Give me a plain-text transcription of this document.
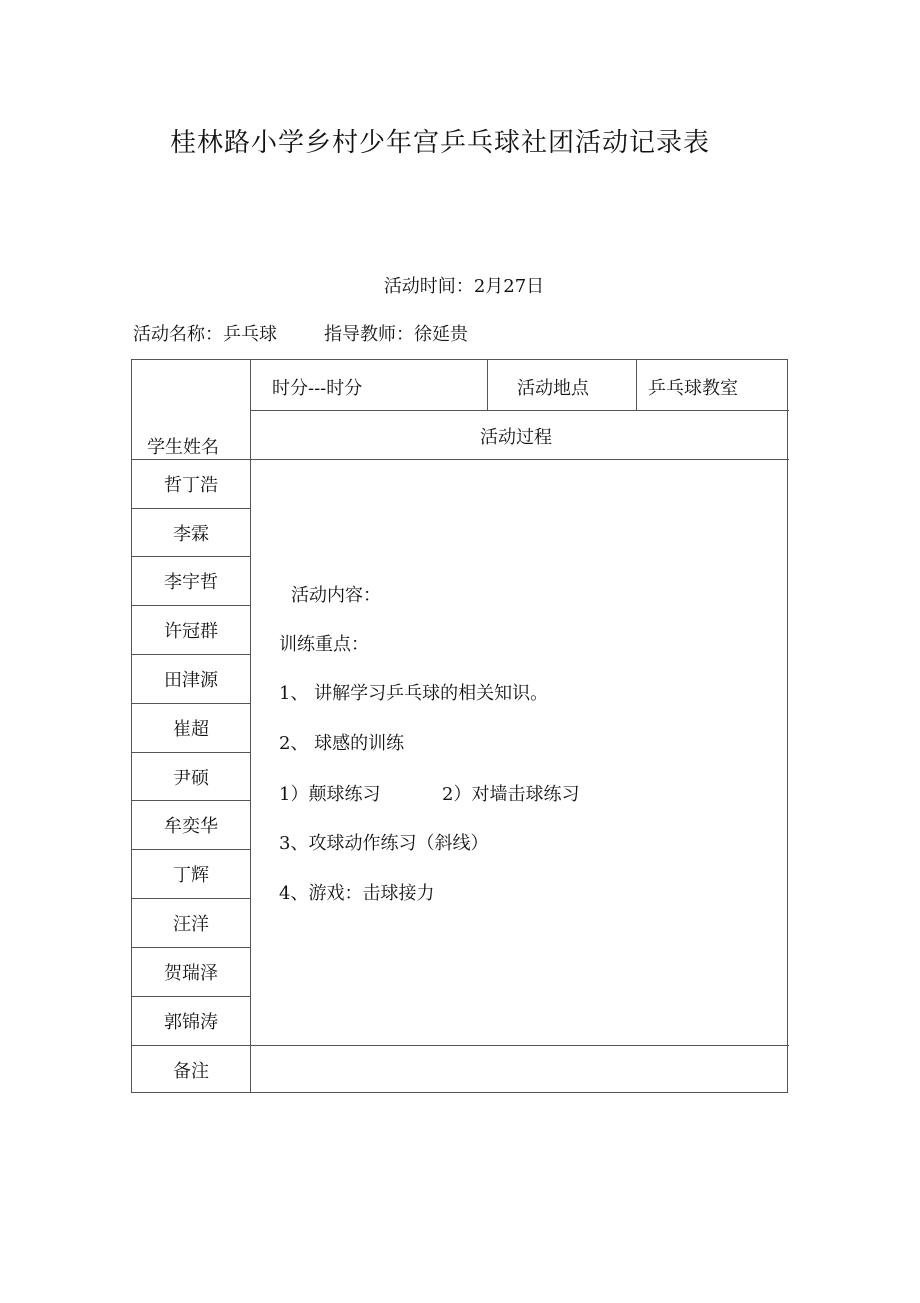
桂林路小学乡村少年宫乒乓球社团活动记录表
活动时间：2月27日
活动名称：乒乓球	指导教师：徐延贵
时分---时分	活动地点	乒乓球教室
学生姓名	活动过程
哲丁浩
李霖
李宇哲
许冠群
田津源
崔超
尹硕
牟奕华
丁辉
汪洋
贺瑞泽
郭锦涛
活动内容：
训练重点：
1、 讲解学习乒乓球的相关知识。
2、 球感的训练
1）颠球练习	2）对墙击球练习
3、攻球动作练习（斜线）
4、游戏：击球接力
备注
